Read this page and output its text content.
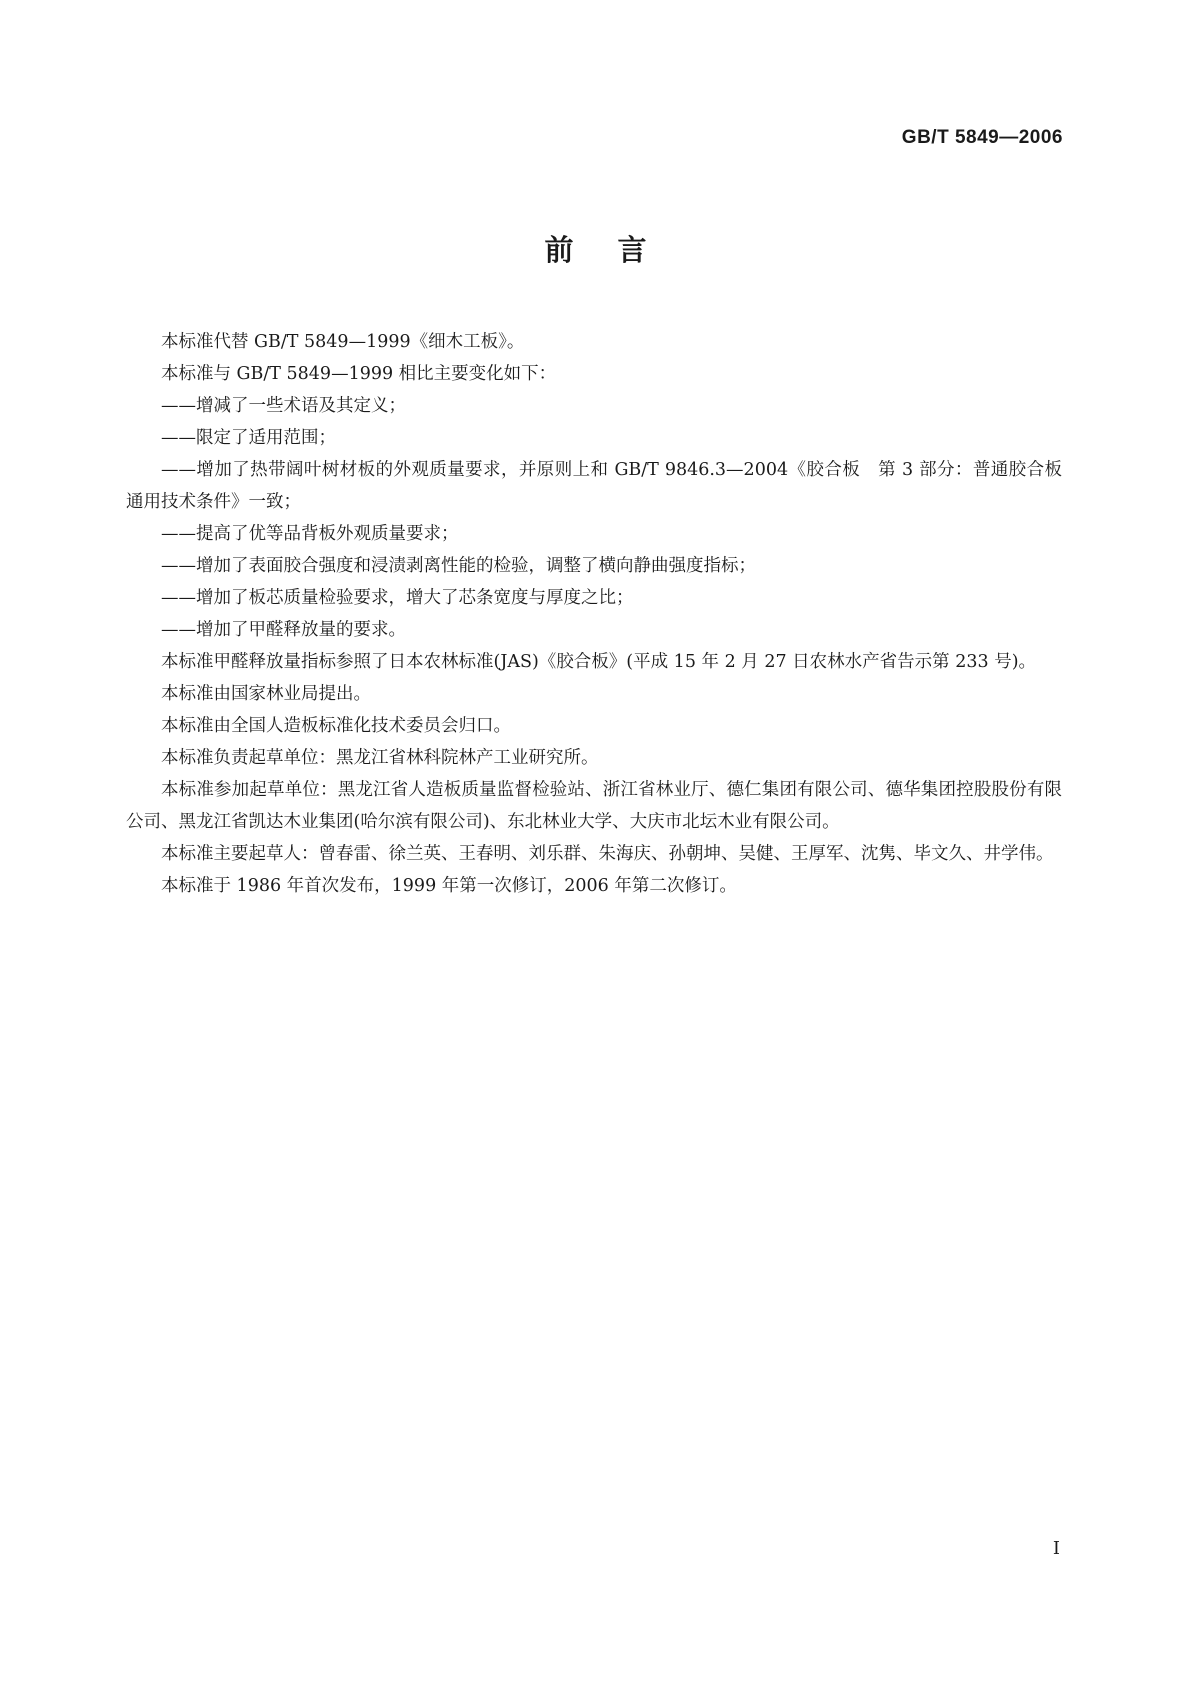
GB/T 5849—2006
前言

本标准代替 GB/T 5849—1999《细木工板》。

本标准与 GB/T 5849—1999 相比主要变化如下：

——增减了一些术语及其定义；

——限定了适用范围；

——增加了热带阔叶树材板的外观质量要求，并原则上和 GB/T 9846.3—2004《胶合板　第 3 部分：普通胶合板通用技术条件》一致；

——提高了优等品背板外观质量要求；

——增加了表面胶合强度和浸渍剥离性能的检验，调整了横向静曲强度指标；

——增加了板芯质量检验要求，增大了芯条宽度与厚度之比；

——增加了甲醛释放量的要求。

本标准甲醛释放量指标参照了日本农林标准(JAS)《胶合板》(平成 15 年 2 月 27 日农林水产省告示第 233 号)。

本标准由国家林业局提出。

本标准由全国人造板标准化技术委员会归口。

本标准负责起草单位：黑龙江省林科院林产工业研究所。

本标准参加起草单位：黑龙江省人造板质量监督检验站、浙江省林业厅、德仁集团有限公司、德华集团控股股份有限公司、黑龙江省凯达木业集团(哈尔滨有限公司)、东北林业大学、大庆市北坛木业有限公司。

本标准主要起草人：曾春雷、徐兰英、王春明、刘乐群、朱海庆、孙朝坤、吴健、王厚军、沈隽、毕文久、井学伟。

本标准于 1986 年首次发布，1999 年第一次修订，2006 年第二次修订。

I
